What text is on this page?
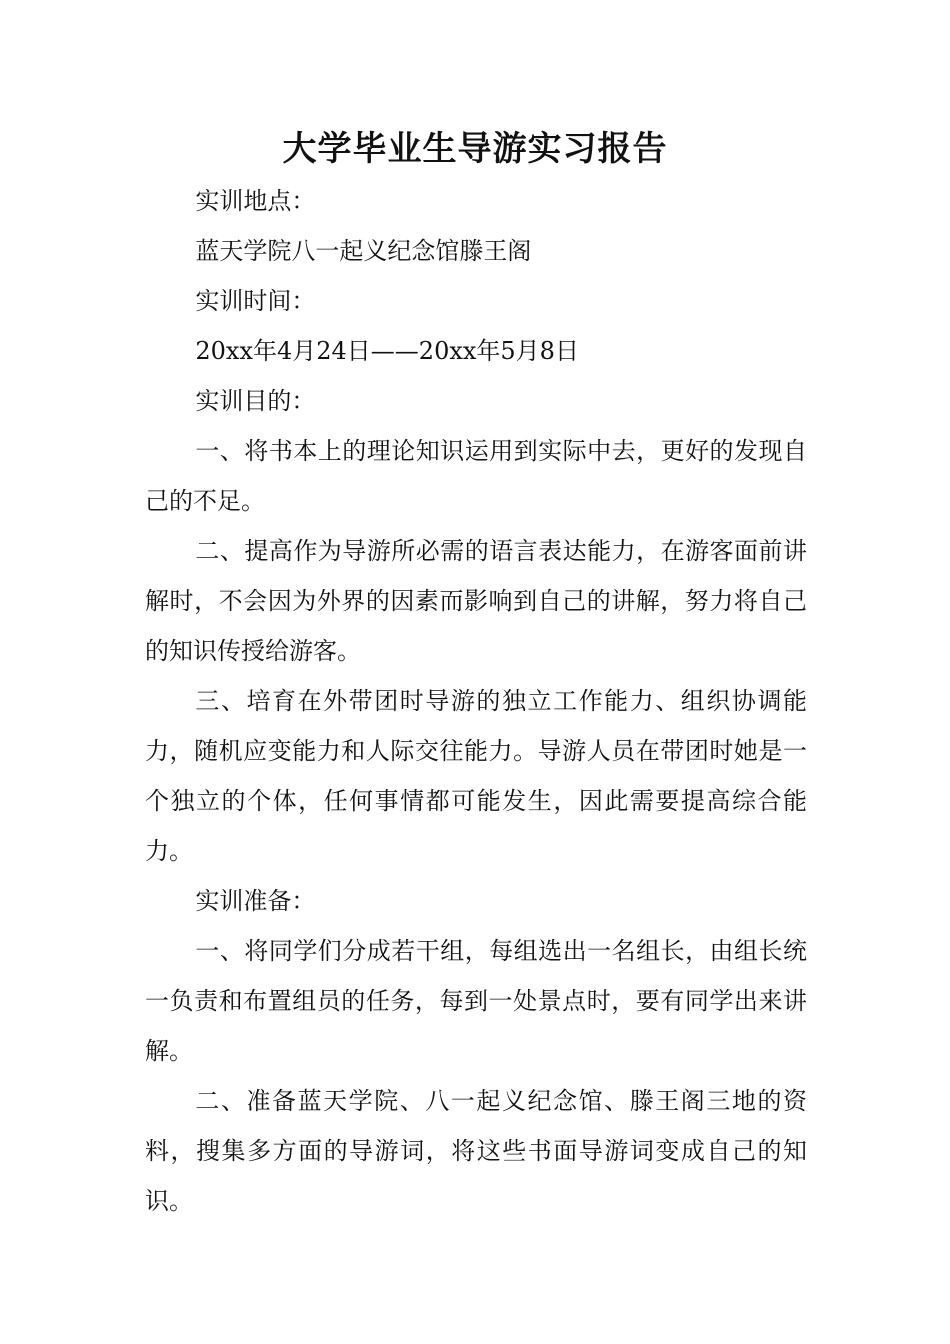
大学毕业生导游实习报告

实训地点：

蓝天学院八一起义纪念馆滕王阁

实训时间：

20xx年4月24日——20xx年5月8日

实训目的：

一、将书本上的理论知识运用到实际中去，更好的发现自己的不足。

二、提高作为导游所必需的语言表达能力，在游客面前讲解时，不会因为外界的因素而影响到自己的讲解，努力将自己的知识传授给游客。

三、培育在外带团时导游的独立工作能力、组织协调能力，随机应变能力和人际交往能力。导游人员在带团时她是一个独立的个体，任何事情都可能发生，因此需要提高综合能力。

实训准备：

一、将同学们分成若干组，每组选出一名组长，由组长统一负责和布置组员的任务，每到一处景点时，要有同学出来讲解。

二、准备蓝天学院、八一起义纪念馆、滕王阁三地的资料，搜集多方面的导游词，将这些书面导游词变成自己的知识。
